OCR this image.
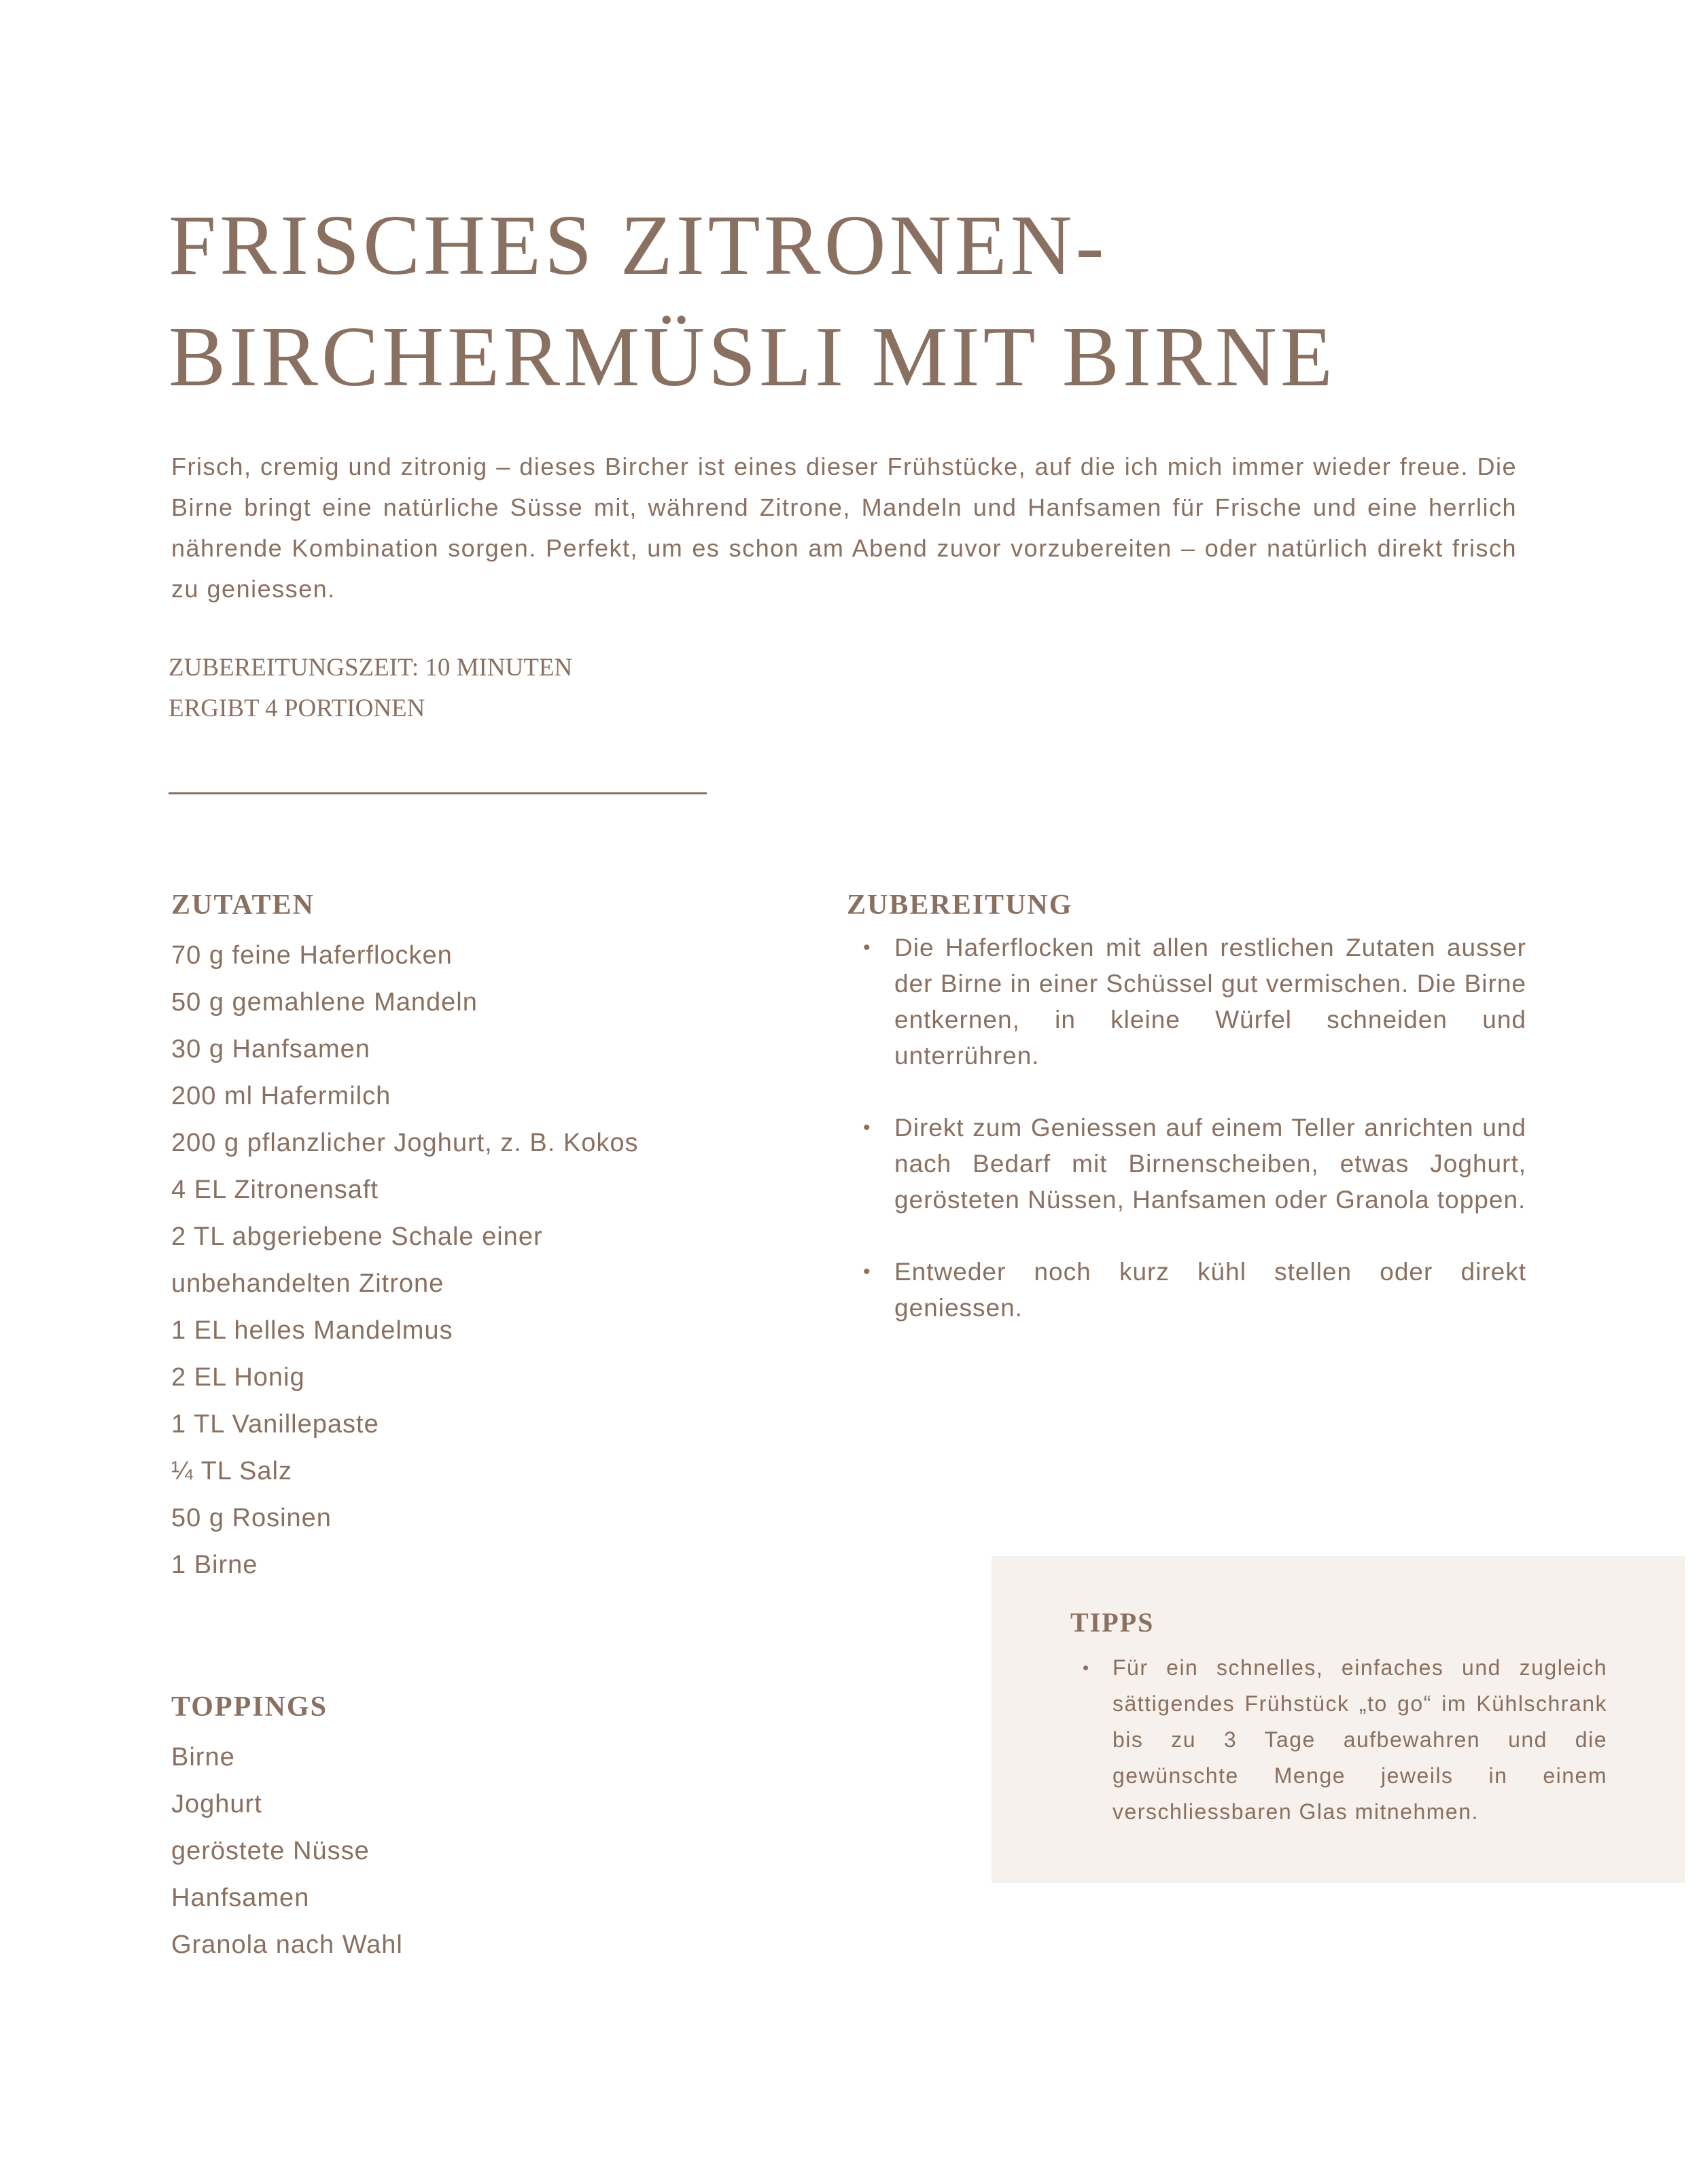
FRISCHES ZITRONEN-
BIRCHERMÜSLI MIT BIRNE

Frisch, cremig und zitronig – dieses Bircher ist eines dieser Frühstücke, auf die ich mich immer wieder freue. Die Birne bringt eine natürliche Süsse mit, während Zitrone, Mandeln und Hanfsamen für Frische und eine herrlich nährende Kombination sorgen. Perfekt, um es schon am Abend zuvor vorzubereiten – oder natürlich direkt frisch zu geniessen.

ZUBEREITUNGSZEIT: 10 MINUTEN
ERGIBT 4 PORTIONEN
ZUTATEN
70 g feine Haferflocken
50 g gemahlene Mandeln
30 g Hanfsamen
200 ml Hafermilch
200 g pflanzlicher Joghurt, z. B. Kokos
4 EL Zitronensaft
2 TL abgeriebene Schale einer
unbehandelten Zitrone
1 EL helles Mandelmus
2 EL Honig
1 TL Vanillepaste
¼ TL Salz
50 g Rosinen
1 Birne
TOPPINGS
Birne
Joghurt
geröstete Nüsse
Hanfsamen
Granola nach Wahl
ZUBEREITUNG
• Die Haferflocken mit allen restlichen Zutaten ausser der Birne in einer Schüssel gut vermischen. Die Birne entkernen, in kleine Würfel schneiden und unterrühren.
• Direkt zum Geniessen auf einem Teller anrichten und nach Bedarf mit Birnenscheiben, etwas Joghurt, gerösteten Nüssen, Hanfsamen oder Granola toppen.
• Entweder noch kurz kühl stellen oder direkt geniessen.
TIPPS
• Für ein schnelles, einfaches und zugleich sättigendes Frühstück „to go“ im Kühlschrank bis zu 3 Tage aufbewahren und die gewünschte Menge jeweils in einem verschliessbaren Glas mitnehmen.
